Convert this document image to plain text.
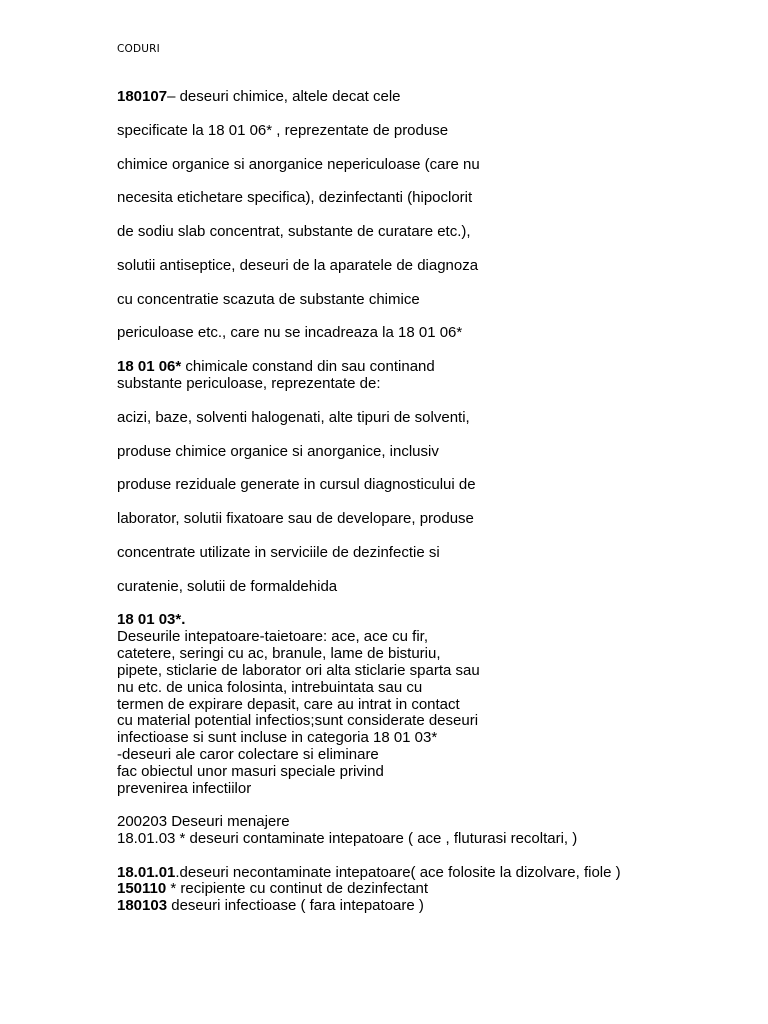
CODURI
180107– deseuri chimice, altele decat cele
specificate la 18 01 06* , reprezentate de produse
chimice organice si anorganice nepericuloase (care nu
necesita etichetare specifica), dezinfectanti (hipoclorit
de sodiu slab concentrat, substante de curatare etc.),
solutii antiseptice, deseuri de la aparatele de diagnoza
cu concentratie scazuta de substante chimice
periculoase etc., care nu se incadreaza la 18 01 06*
18 01 06* chimicale constand din sau continand
substante periculoase, reprezentate de:
acizi, baze, solventi halogenati, alte tipuri de solventi,
produse chimice organice si anorganice, inclusiv
produse reziduale generate in cursul diagnosticului de
laborator, solutii fixatoare sau de developare, produse
concentrate utilizate in serviciile de dezinfectie si
curatenie, solutii de formaldehida
18 01 03*.
Deseurile intepatoare-taietoare: ace, ace cu fir,
catetere, seringi cu ac, branule, lame de bisturiu,
pipete, sticlarie de laborator ori alta sticlarie sparta sau
nu etc. de unica folosinta, intrebuintata sau cu
termen de expirare depasit, care au intrat in contact
cu material potential infectios;sunt considerate deseuri
infectioase si sunt incluse in categoria 18 01 03*
-deseuri ale caror colectare si eliminare
fac obiectul unor masuri speciale privind
prevenirea infectiilor
200203 Deseuri menajere
18.01.03 * deseuri contaminate intepatoare ( ace , fluturasi recoltari, )
18.01.01.deseuri necontaminate intepatoare( ace folosite la dizolvare, fiole )
150110 * recipiente cu continut de dezinfectant
180103 deseuri infectioase ( fara intepatoare )
